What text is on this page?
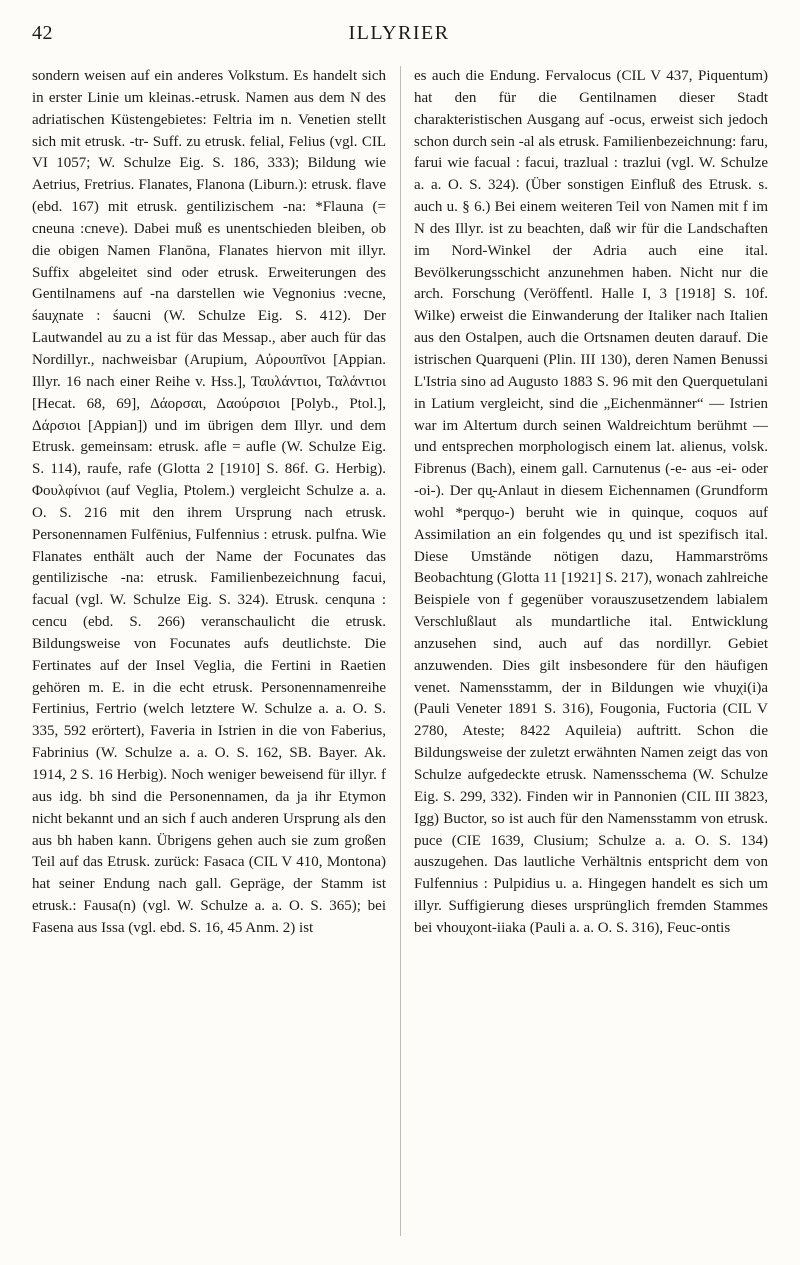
42	ILLYRIER

sondern weisen auf ein anderes Volkstum. Es handelt sich in erster Linie um kleinas.-etrusk. Namen aus dem N des adriatischen Küstengebietes: Feltria im n. Venetien stellt sich mit etrusk. -tr- Suff. zu etrusk. felial, Felius (vgl. CIL VI 1057; W. Schulze Eig. S. 186, 333); Bildung wie Aetrius, Fretrius. Flanates, Flanona (Liburn.): etrusk. flave (ebd. 167) mit etrusk. gentilizischem -na: *Flauna (= cneuna :cneve). Dabei muß es unentschieden bleiben, ob die obigen Namen Flanōna, Flanates hiervon mit illyr. Suffix abgeleitet sind oder etrusk. Erweiterungen des Gentilnamens auf -na darstellen wie Vegnonius :vecne, śauχnate : śaucni (W. Schulze Eig. S. 412). Der Lautwandel au zu a ist für das Messap., aber auch für das Nordillyr., nachweisbar (Arupium, Αὐρουπῖνοι [Appian. Illyr. 16 nach einer Reihe v. Hss.], Ταυλάντιοι, Ταλάντιοι [Hecat. 68, 69], Δάορσαι, Δαούρσιοι [Polyb., Ptol.], Δάρσιοι [Appian]) und im übrigen dem Illyr. und dem Etrusk. gemeinsam: etrusk. afle = aufle (W. Schulze Eig. S. 114), raufe, rafe (Glotta 2 [1910] S. 86f. G. Herbig). Φουλφίνιοι (auf Veglia, Ptolem.) vergleicht Schulze a. a. O. S. 216 mit den ihrem Ursprung nach etrusk. Personennamen Fulfēnius, Fulfennius : etrusk. pulfna. Wie Flanates enthält auch der Name der Focunates das gentilizische -na: etrusk. Familienbezeichnung facui, facual (vgl. W. Schulze Eig. S. 324). Etrusk. cenquna : cencu (ebd. S. 266) veranschaulicht die etrusk. Bildungsweise von Focunates aufs deutlichste. Die Fertinates auf der Insel Veglia, die Fertini in Raetien gehören m. E. in die echt etrusk. Personennamenreihe Fertinius, Fertrio (welch letztere W. Schulze a. a. O. S. 335, 592 erörtert), Faveria in Istrien in die von Faberius, Fabrinius (W. Schulze a. a. O. S. 162, SB. Bayer. Ak. 1914, 2 S. 16 Herbig). Noch weniger beweisend für illyr. f aus idg. bh sind die Personennamen, da ja ihr Etymon nicht bekannt und an sich f auch anderen Ursprung als den aus bh haben kann. Übrigens gehen auch sie zum großen Teil auf das Etrusk. zurück: Fasaca (CIL V 410, Montona) hat seiner Endung nach gall. Gepräge, der Stamm ist etrusk.: Fausa(n) (vgl. W. Schulze a. a. O. S. 365); bei Fasena aus Issa (vgl. ebd. S. 16, 45 Anm. 2) ist

es auch die Endung. Fervalocus (CIL V 437, Piquentum) hat den für die Gentilnamen dieser Stadt charakteristischen Ausgang auf -ocus, erweist sich jedoch schon durch sein -al als etrusk. Familienbezeichnung: faru, farui wie facual : facui, trazlual : trazlui (vgl. W. Schulze a. a. O. S. 324). (Über sonstigen Einfluß des Etrusk. s. auch u. § 6.) Bei einem weiteren Teil von Namen mit f im N des Illyr. ist zu beachten, daß wir für die Landschaften im Nord-Winkel der Adria auch eine ital. Bevölkerungsschicht anzunehmen haben. Nicht nur die arch. Forschung (Veröffentl. Halle I, 3 [1918] S. 10f. Wilke) erweist die Einwanderung der Italiker nach Italien aus den Ostalpen, auch die Ortsnamen deuten darauf. Die istrischen Quarqueni (Plin. III 130), deren Namen Benussi L'Istria sino ad Augusto 1883 S. 96 mit den Querquetulani in Latium vergleicht, sind die „Eichenmänner“ — Istrien war im Altertum durch seinen Waldreichtum berühmt — und entsprechen morphologisch einem lat. alienus, volsk. Fibrenus (Bach), einem gall. Carnutenus (-e- aus -ei- oder -oi-). Der qu̯-Anlaut in diesem Eichennamen (Grundform wohl *perqu̯o-) beruht wie in quinque, coquos auf Assimilation an ein folgendes qu̯ und ist spezifisch ital. Diese Umstände nötigen dazu, Hammarströms Beobachtung (Glotta 11 [1921] S. 217), wonach zahlreiche Beispiele von f gegenüber vorauszusetzendem labialem Verschlußlaut als mundartliche ital. Entwicklung anzusehen sind, auch auf das nordillyr. Gebiet anzuwenden. Dies gilt insbesondere für den häufigen venet. Namensstamm, der in Bildungen wie vhuχi(i)a (Pauli Veneter 1891 S. 316), Fougonia, Fuctoria (CIL V 2780, Ateste; 8422 Aquileia) auftritt. Schon die Bildungsweise der zuletzt erwähnten Namen zeigt das von Schulze aufgedeckte etrusk. Namensschema (W. Schulze Eig. S. 299, 332). Finden wir in Pannonien (CIL III 3823, Igg) Buctor, so ist auch für den Namensstamm von etrusk. puce (CIE 1639, Clusium; Schulze a. a. O. S. 134) auszugehen. Das lautliche Verhältnis entspricht dem von Fulfennius : Pulpidius u. a. Hingegen handelt es sich um illyr. Suffigierung dieses ursprünglich fremden Stammes bei vhouχont-iiaka (Pauli a. a. O. S. 316), Feuc-ontis
